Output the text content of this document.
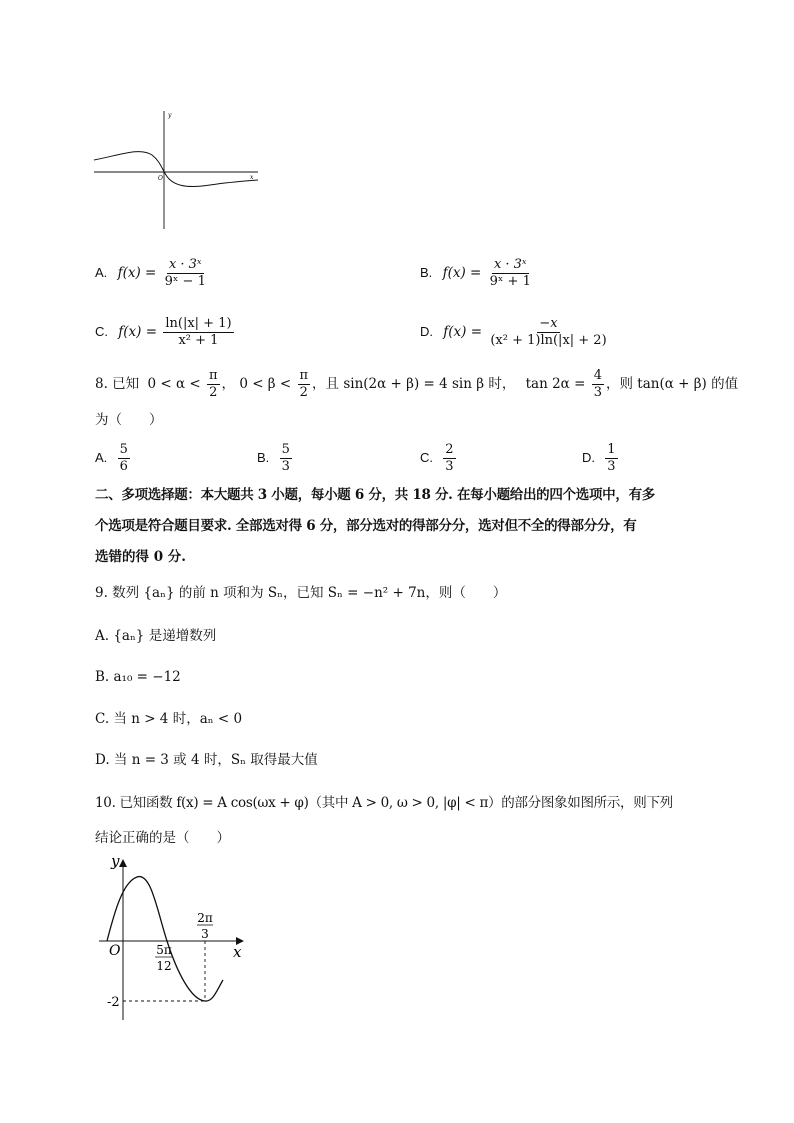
y
x
O
A. $f(x) = \frac{\text{x · 3ˣ}}{\text{9ˣ − 1}}$	B. $f(x) = \frac{\text{x · 3ˣ}}{\text{9ˣ + 1}}$
C. $f(x) = \frac{\ln(|x| + 1)}{\text{x² + 1}}$	D. $f(x) = \frac{-x}{\text{(x² + 1)ln(|x| + 2)}}$
8. 已知 $0 < \alpha < \frac{\pi}{2}$ ， $0 < \beta < \frac{\pi}{2}$ ，且 sin(2α + β) = 4 sin β 时， $\tan 2\alpha = \frac{4}{3}$ ，则 tan(α + β) 的值
为（　　）
A. $\frac{5}{6}$	B. $\frac{5}{3}$	C. $\frac{2}{3}$	D. $\frac{1}{3}$
二、多项选择题：本大题共 3 小题，每小题 6 分，共 18 分. 在每小题给出的四个选项中，有多
个选项是符合题目要求. 全部选对得 6 分，部分选对的得部分分，选对但不全的得部分分，有
选错的得 0 分.
9. 数列 {aₙ} 的前 n 项和为 Sₙ，已知 Sₙ = −n² + 7n，则（　　）
A. {aₙ} 是递增数列
B. a₁₀ = −12
C. 当 n > 4 时，aₙ < 0
D. 当 n = 3 或 4 时，Sₙ 取得最大值
10. 已知函数 f(x) = A cos(ωx + φ)（其中 A > 0, ω > 0, |φ| < π）的部分图象如图所示，则下列
结论正确的是（　　）
y
x
O	5π
12
2π
3
-2
